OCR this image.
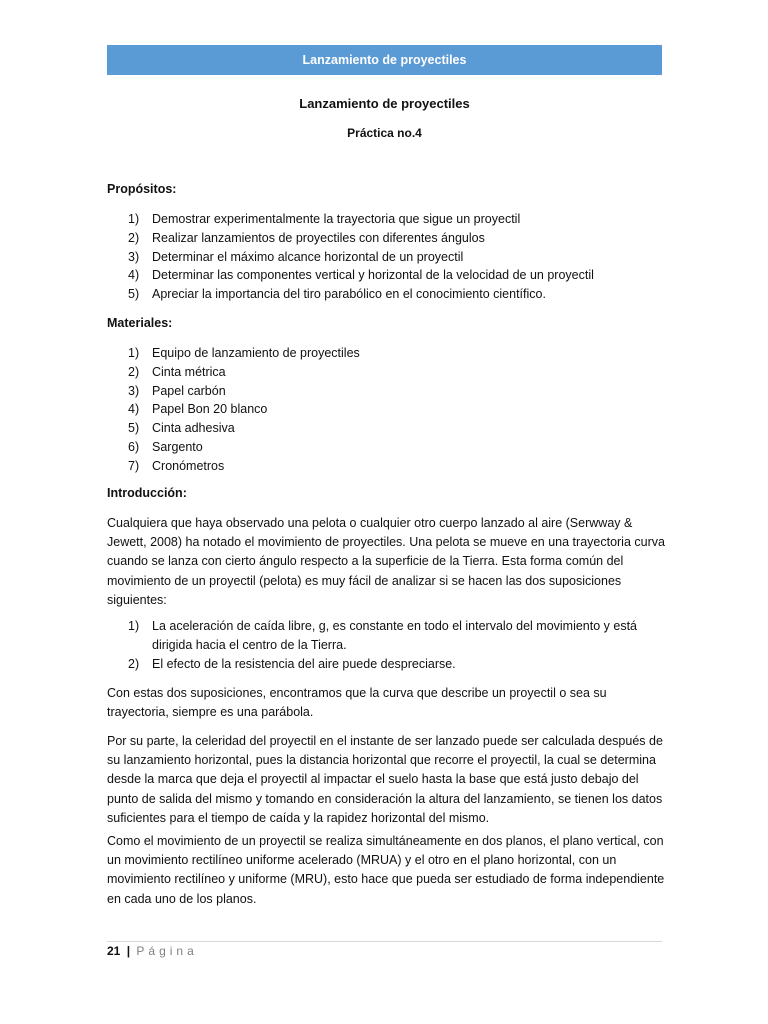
Lanzamiento de proyectiles
Lanzamiento de proyectiles
Práctica no.4
Propósitos:
1) Demostrar experimentalmente la trayectoria que sigue un proyectil
2) Realizar lanzamientos de proyectiles con diferentes ángulos
3) Determinar el máximo alcance horizontal de un proyectil
4) Determinar las componentes vertical y horizontal de la velocidad de un proyectil
5) Apreciar la importancia del tiro parabólico en el conocimiento científico.
Materiales:
1) Equipo de lanzamiento de proyectiles
2) Cinta métrica
3) Papel carbón
4) Papel Bon 20 blanco
5) Cinta adhesiva
6) Sargento
7) Cronómetros
Introducción:

Cualquiera que haya observado una pelota o cualquier otro cuerpo lanzado al aire (Serwway & Jewett, 2008) ha notado el movimiento de proyectiles. Una pelota se mueve en una trayectoria curva cuando se lanza con cierto ángulo respecto a la superficie de la Tierra. Esta forma común del movimiento de un proyectil (pelota) es muy fácil de analizar si se hacen las dos suposiciones siguientes:

1) La aceleración de caída libre, g, es constante en todo el intervalo del movimiento y está dirigida hacia el centro de la Tierra.
2) El efecto de la resistencia del aire puede despreciarse.

Con estas dos suposiciones, encontramos que la curva que describe un proyectil o sea su trayectoria, siempre es una parábola.

Por su parte, la celeridad del proyectil en el instante de ser lanzado puede ser calculada después de su lanzamiento horizontal, pues la distancia horizontal que recorre el proyectil, la cual se determina desde la marca que deja el proyectil al impactar el suelo hasta la base que está justo debajo del punto de salida del mismo y tomando en consideración la altura del lanzamiento, se tienen los datos suficientes para el tiempo de caída y la rapidez horizontal del mismo.

Como el movimiento de un proyectil se realiza simultáneamente en dos planos, el plano vertical, con un movimiento rectilíneo uniforme acelerado (MRUA) y el otro en el plano horizontal, con un movimiento rectilíneo y uniforme (MRU), esto hace que pueda ser estudiado de forma independiente en cada uno de los planos.

21 | Página
